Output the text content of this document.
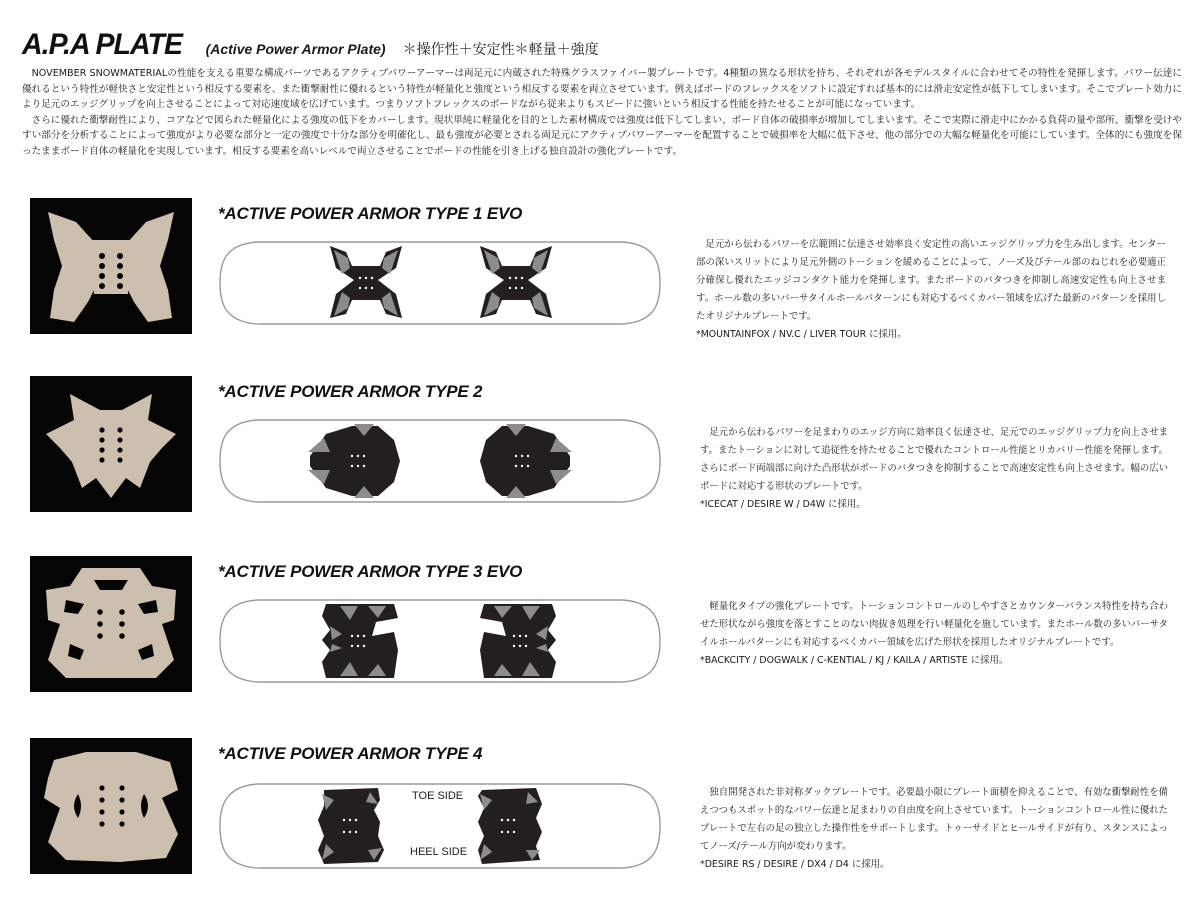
A.P.A PLATE (Active Power Armor Plate) ＊操作性＋安定性＊軽量＋強度

NOVEMBER SNOWMATERIALの性能を支える重要な構成パーツであるアクティブパワーアーマーは両足元に内蔵された特殊グラスファイバー製プレートです。4種類の異なる形状を持ち、それぞれが各モデルスタイルに合わせてその特性を発揮します。パワー伝達に優れるという特性が軽快さと安定性という相反する要素を、また衝撃耐性に優れるという特性が軽量化と強度という相反する要素を両立させています。例えばボードのフレックスをソフトに設定すれば基本的には滑走安定性が低下してしまいます。そこでプレート効力により足元のエッジグリップを向上させることによって対応速度域を広げています。つまりソフトフレックスのボードながら従来よりもスピードに強いという相反する性能を持たせることが可能になっています。

さらに優れた衝撃耐性により、コアなどで図られた軽量化による強度の低下をカバーします。現状単純に軽量化を目的とした素材構成では強度は低下してしまい、ボード自体の破損率が増加してしまいます。そこで実際に滑走中にかかる負荷の量や部所、衝撃を受けやすい部分を分析することによって強度がより必要な部分と一定の強度で十分な部分を明確化し、最も強度が必要とされる両足元にアクティブパワーアーマーを配置することで破損率を大幅に低下させ、他の部分での大幅な軽量化を可能にしています。全体的にも強度を保ったままボード自体の軽量化を実現しています。相反する要素を高いレベルで両立させることでボードの性能を引き上げる独自設計の強化プレートです。

*ACTIVE POWER ARMOR TYPE 1 EVO
足元から伝わるパワーを広範囲に伝達させ効率良く安定性の高いエッジグリップ力を生み出します。センター部の深いスリットにより足元外側のトーションを緩めることによって、ノーズ及びテール部のねじれを必要適正分確保し優れたエッジコンタクト能力を発揮します。またボードのバタつきを抑制し高速安定性も向上させます。ホール数の多いバーサタイルホールパターンにも対応するべくカバー領域を広げた最新のパターンを採用したオリジナルプレートです。
*MOUNTAINFOX / NV.C / LIVER TOUR に採用。
*ACTIVE POWER ARMOR TYPE 2
足元から伝わるパワーを足まわりのエッジ方向に効率良く伝達させ、足元でのエッジグリップ力を向上させます。またトーションに対して追従性を持たせることで優れたコントロール性能とリカバリー性能を発揮します。さらにボード両端部に向けた凸形状がボードのバタつきを抑制することで高速安定性も向上させます。幅の広いボードに対応する形状のプレートです。
*ICECAT / DESIRE W / D4W に採用。
*ACTIVE POWER ARMOR TYPE 3 EVO
軽量化タイプの強化プレートです。トーションコントロールのしやすさとカウンターバランス特性を持ち合わせた形状ながら強度を落とすことのない肉抜き処理を行い軽量化を施しています。またホール数の多いバーサタイルホールパターンにも対応するべくカバー領域を広げた形状を採用したオリジナルプレートです。
*BACKCITY / DOGWALK / C-KENTIAL / KJ / KAILA / ARTISTE に採用。
*ACTIVE POWER ARMOR TYPE 4
TOE SIDE
HEEL SIDE
独自開発された非対称ダックプレートです。必要最小限にプレート面積を抑えることで、有効な衝撃耐性を備えつつもスポット的なパワー伝達と足まわりの自由度を向上させています。トーションコントロール性に優れたプレートで左右の足の独立した操作性をサポートします。トゥーサイドとヒールサイドが有り、スタンスによってノーズ/テール方向が変わります。
*DESIRE RS / DESIRE / DX4 / D4 に採用。
